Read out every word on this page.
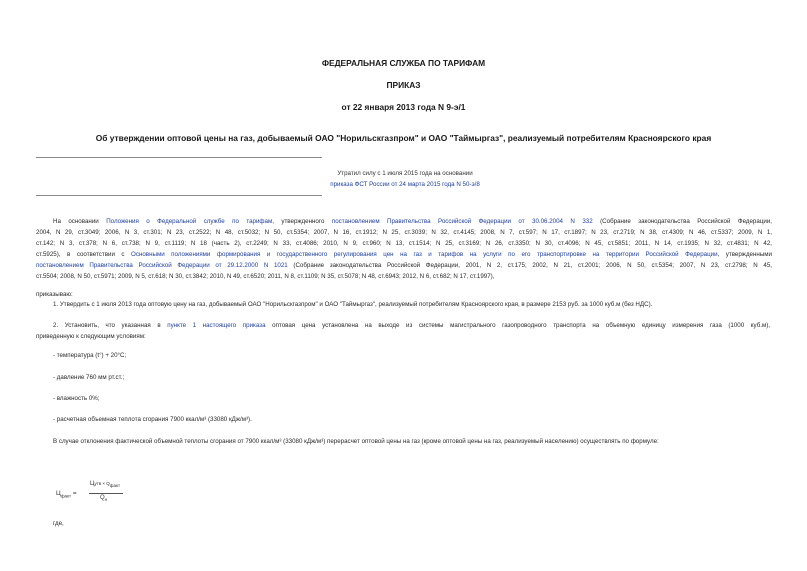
ФЕДЕРАЛЬНАЯ СЛУЖБА ПО ТАРИФАМ
ПРИКАЗ
от 22 января 2013 года N 9-э/1
Об утверждении оптовой цены на газ, добываемый ОАО "Норильскгазпром" и ОАО "Таймыргаз", реализуемый потребителям Красноярского края
Утратил силу с 1 июля 2015 года на основании
приказа ФСТ России от 24 марта 2015 года N 50-э/8
На основании Положения о Федеральной службе по тарифам, утвержденного постановлением Правительства Российской Федерации от 30.06.2004 N 332 (Собрание законодательства Российской Федерации,
2004, N 29, ст.3049; 2006, N 3, ст.301; N 23, ст.2522; N 48, ст.5032; N 50, ст.5354; 2007, N 16, ст.1912; N 25, ст.3039; N 32, ст.4145; 2008, N 7, ст.597; N 17, ст.1897; N 23, ст.2719; N 38, ст.4309; N 46, ст.5337; 2009, N 1,
ст.142; N 3, ст.378; N 6, ст.738; N 9, ст.1119; N 18 (часть 2), ст.2249; N 33, ст.4086; 2010, N 9, ст.960; N 13, ст.1514; N 25, ст.3169; N 26, ст.3350; N 30, ст.4096; N 45, ст.5851; 2011, N 14, ст.1935; N 32, ст.4831; N 42,
ст.5925), в соответствии с Основными положениями формирования и государственного регулирования цен на газ и тарифов на услуги по его транспортировке на территории Российской Федерации, утвержденными
постановлением Правительства Российской Федерации от 29.12.2000 N 1021 (Собрание законодательства Российской Федерации, 2001, N 2, ст.175; 2002, N 21, ст.2001; 2006, N 50, ст.5354; 2007, N 23, ст.2798; N 45,
ст.5504; 2008, N 50, ст.5971; 2009, N 5, ст.618; N 30, ст.3842; 2010, N 49, ст.6520; 2011, N 8, ст.1109; N 35, ст.5078; N 48, ст.6943; 2012, N 6, ст.682; N 17, ст.1997),
приказываю:
1. Утвердить с 1 июля 2013 года оптовую цену на газ, добываемый ОАО "Норильскгазпром" и ОАО "Таймыргаз", реализуемый потребителям Красноярского края, в размере 2153 руб. за 1000 куб.м (без НДС).
2. Установить, что указанная в пункте 1 настоящего приказа оптовая цена установлена на выходе из системы магистрального газопроводного транспорта на объемную единицу измерения газа (1000 куб.м),
приведенную к следующим условиям:
- температура (t°) + 20°С;
- давление 760 мм рт.ст.;
- влажность 0%;
- расчетная объемная теплота сгорания 7900 ккал/м³ (33080 кДж/м³).
В случае отклонения фактической объемной теплоты сгорания от 7900 ккал/м³ (33080 кДж/м³) перерасчет оптовой цены на газ (кроме оптовой цены на газ, реализуемый населению) осуществлять по формуле:
$Ц_{факт}$ =
Цутв × $Q_{факт}$
$Q_н$
где,
